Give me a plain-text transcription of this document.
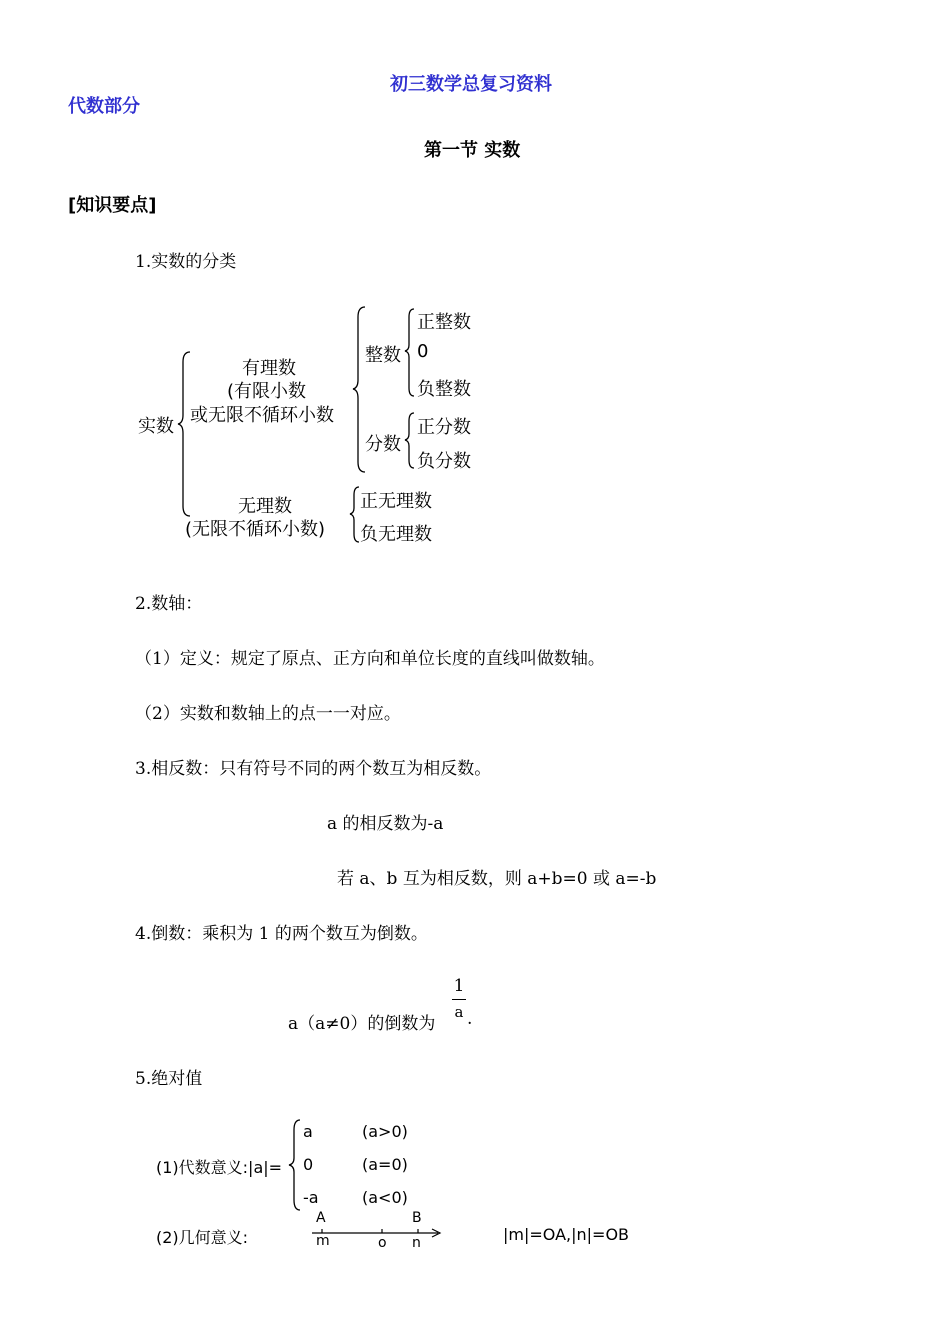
初三数学总复习资料
代数部分
第一节 实数
[知识要点]
1.实数的分类
实数
有理数
(有限小数
或无限不循环小数
整数
正整数
0
负整数
分数
正分数
负分数
无理数
(无限不循环小数)
正无理数
负无理数
2.数轴：
（1）定义：规定了原点、正方向和单位长度的直线叫做数轴。
（2）实数和数轴上的点一一对应。
3.相反数：只有符号不同的两个数互为相反数。
a 的相反数为-a
若 a、b 互为相反数，则 a+b=0 或 a=-b
4.倒数：乘积为 1 的两个数互为倒数。
a（a≠0）的倒数为
1
a .
5.绝对值
(1)代数意义:|a|=
a	(a>0)
0	(a=0)
-a	(a<0)
(2)几何意义:
A
m	o
B
n	|m|=OA,|n|=OB
